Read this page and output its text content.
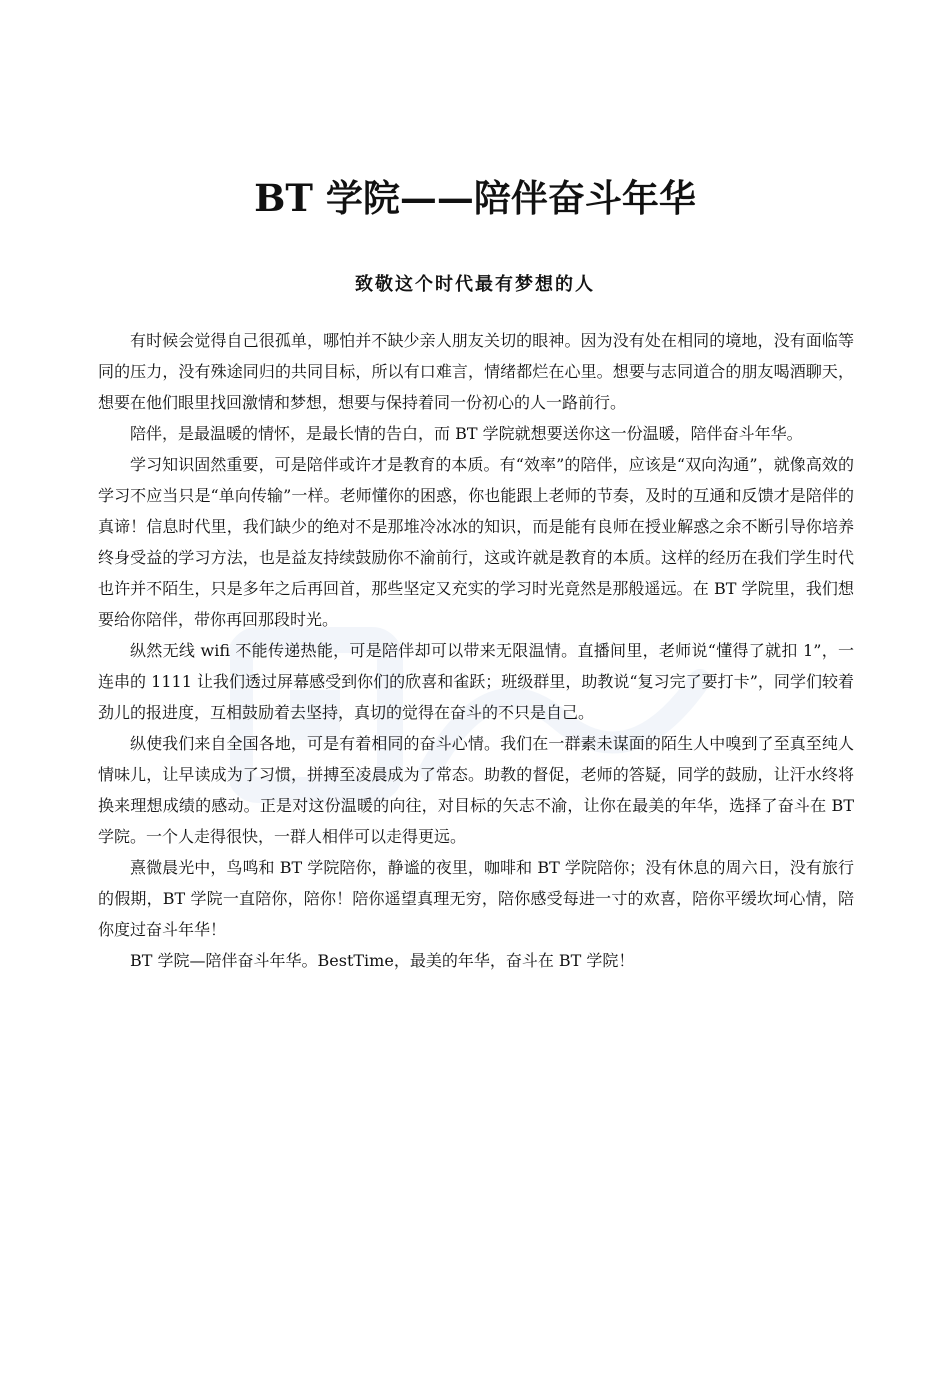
BT 学院——陪伴奋斗年华
致敬这个时代最有梦想的人

有时候会觉得自己很孤单，哪怕并不缺少亲人朋友关切的眼神。因为没有处在相同的境地，没有面临等同的压力，没有殊途同归的共同目标，所以有口难言，情绪都烂在心里。想要与志同道合的朋友喝酒聊天，想要在他们眼里找回激情和梦想，想要与保持着同一份初心的人一路前行。

陪伴，是最温暖的情怀，是最长情的告白，而 BT 学院就想要送你这一份温暖，陪伴奋斗年华。

学习知识固然重要，可是陪伴或许才是教育的本质。有“效率”的陪伴，应该是“双向沟通”，就像高效的学习不应当只是“单向传输”一样。老师懂你的困惑，你也能跟上老师的节奏，及时的互通和反馈才是陪伴的真谛！信息时代里，我们缺少的绝对不是那堆冷冰冰的知识，而是能有良师在授业解惑之余不断引导你培养终身受益的学习方法，也是益友持续鼓励你不渝前行，这或许就是教育的本质。这样的经历在我们学生时代也许并不陌生，只是多年之后再回首，那些坚定又充实的学习时光竟然是那般遥远。在 BT 学院里，我们想要给你陪伴，带你再回那段时光。

纵然无线 wifi 不能传递热能，可是陪伴却可以带来无限温情。直播间里，老师说“懂得了就扣 1”，一连串的 1111 让我们透过屏幕感受到你们的欣喜和雀跃；班级群里，助教说“复习完了要打卡”，同学们较着劲儿的报进度，互相鼓励着去坚持，真切的觉得在奋斗的不只是自己。

纵使我们来自全国各地，可是有着相同的奋斗心情。我们在一群素未谋面的陌生人中嗅到了至真至纯人情味儿，让早读成为了习惯，拼搏至凌晨成为了常态。助教的督促，老师的答疑，同学的鼓励，让汗水终将换来理想成绩的感动。正是对这份温暖的向往，对目标的矢志不渝，让你在最美的年华，选择了奋斗在 BT 学院。一个人走得很快，一群人相伴可以走得更远。

熹微晨光中，鸟鸣和 BT 学院陪你，静谧的夜里，咖啡和 BT 学院陪你；没有休息的周六日，没有旅行的假期，BT 学院一直陪你，陪你！陪你遥望真理无穷，陪你感受每进一寸的欢喜，陪你平缓坎坷心情，陪你度过奋斗年华！

BT 学院—陪伴奋斗年华。BestTime，最美的年华，奋斗在 BT 学院！
